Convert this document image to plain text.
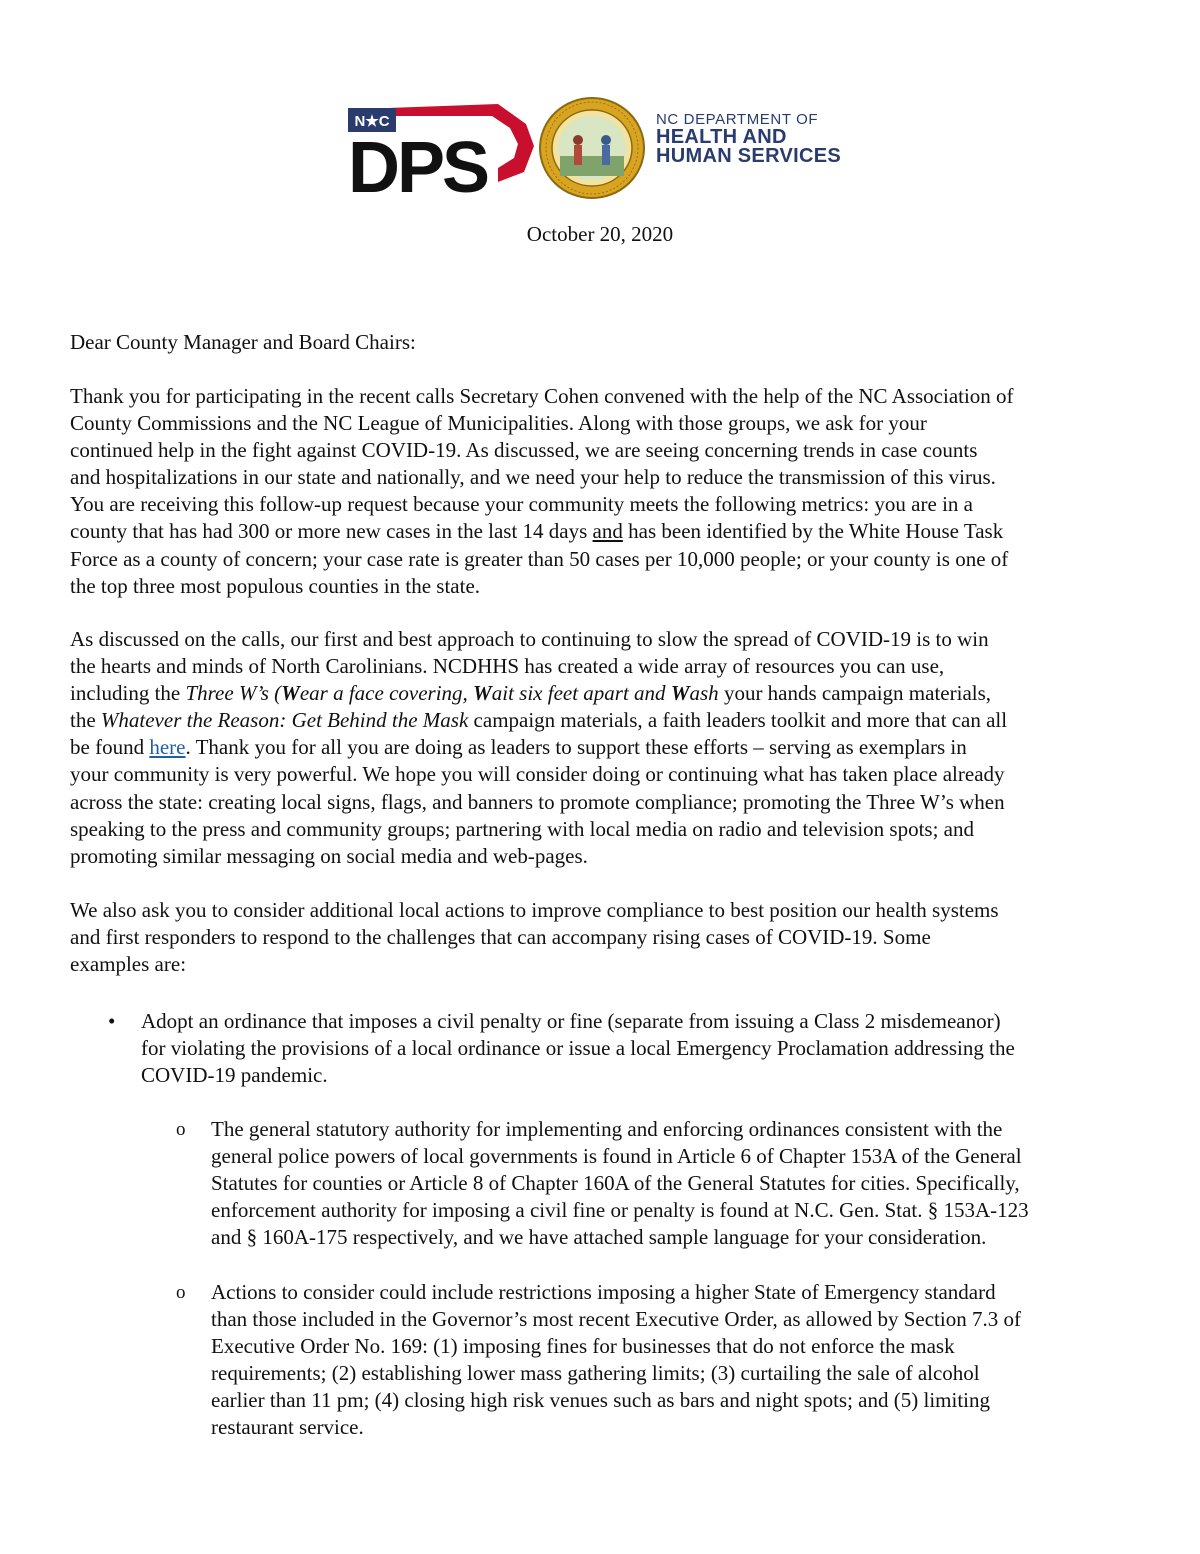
N★C
DPS
NC DEPARTMENT OF
HEALTH AND
HUMAN SERVICES
October 20, 2020
Dear County Manager and Board Chairs:
Thank you for participating in the recent calls Secretary Cohen convened with the help of the NC Association of
County Commissions and the NC League of Municipalities. Along with those groups, we ask for your
continued help in the fight against COVID-19. As discussed, we are seeing concerning trends in case counts
and hospitalizations in our state and nationally, and we need your help to reduce the transmission of this virus.
You are receiving this follow-up request because your community meets the following metrics: you are in a
county that has had 300 or more new cases in the last 14 days and has been identified by the White House Task
Force as a county of concern; your case rate is greater than 50 cases per 10,000 people; or your county is one of
the top three most populous counties in the state.
As discussed on the calls, our first and best approach to continuing to slow the spread of COVID-19 is to win
the hearts and minds of North Carolinians. NCDHHS has created a wide array of resources you can use,
including the Three W’s (Wear a face covering, Wait six feet apart and Wash your hands campaign materials,
the Whatever the Reason: Get Behind the Mask campaign materials, a faith leaders toolkit and more that can all
be found here. Thank you for all you are doing as leaders to support these efforts – serving as exemplars in
your community is very powerful. We hope you will consider doing or continuing what has taken place already
across the state: creating local signs, flags, and banners to promote compliance; promoting the Three W’s when
speaking to the press and community groups; partnering with local media on radio and television spots; and
promoting similar messaging on social media and web-pages.
We also ask you to consider additional local actions to improve compliance to best position our health systems
and first responders to respond to the challenges that can accompany rising cases of COVID-19. Some
examples are:
• Adopt an ordinance that imposes a civil penalty or fine (separate from issuing a Class 2 misdemeanor)
for violating the provisions of a local ordinance or issue a local Emergency Proclamation addressing the
COVID-19 pandemic.
o The general statutory authority for implementing and enforcing ordinances consistent with the
general police powers of local governments is found in Article 6 of Chapter 153A of the General
Statutes for counties or Article 8 of Chapter 160A of the General Statutes for cities. Specifically,
enforcement authority for imposing a civil fine or penalty is found at N.C. Gen. Stat. § 153A-123
and § 160A-175 respectively, and we have attached sample language for your consideration.
o Actions to consider could include restrictions imposing a higher State of Emergency standard
than those included in the Governor’s most recent Executive Order, as allowed by Section 7.3 of
Executive Order No. 169: (1) imposing fines for businesses that do not enforce the mask
requirements; (2) establishing lower mass gathering limits; (3) curtailing the sale of alcohol
earlier than 11 pm; (4) closing high risk venues such as bars and night spots; and (5) limiting
restaurant service.
